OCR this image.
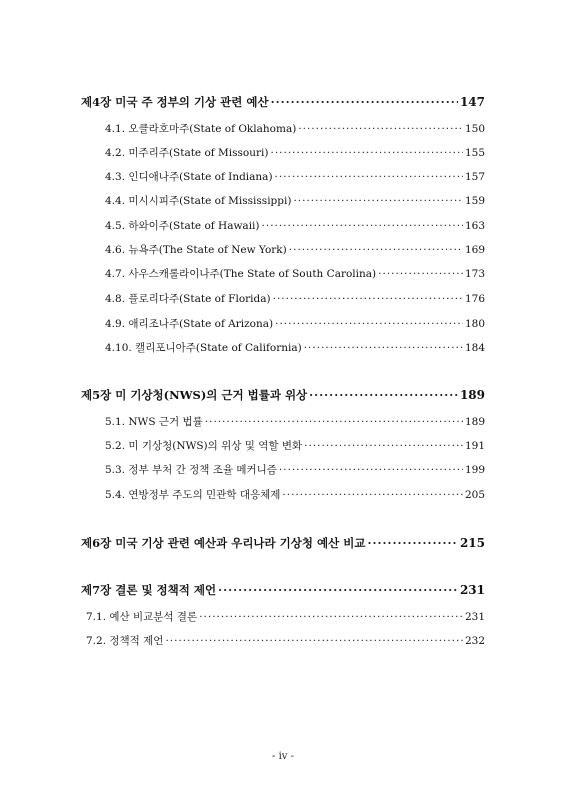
제4장 미국 주 정부의 기상 관련 예산 ·····	147
4.1. 오클라호마주(State of Oklahoma) ·····	150
4.2. 미주리주(State of Missouri) ·····	155
4.3. 인디애나주(State of Indiana) ·····	157
4.4. 미시시피주(State of Mississippi) ·····	159
4.5. 하와이주(State of Hawaii) ·····	163
4.6. 뉴욕주(The State of New York) ·····	169
4.7. 사우스캐롤라이나주(The State of South Carolina) ·····	173
4.8. 플로리다주(State of Florida) ·····	176
4.9. 애리조나주(State of Arizona) ·····	180
4.10. 캘리포니아주(State of California) ·····	184
제5장 미 기상청(NWS)의 근거 법률과 위상 ·····	189
5.1. NWS 근거 법률 ·····	189
5.2. 미 기상청(NWS)의 위상 및 역할 변화 ·····	191
5.3. 정부 부처 간 정책 조율 메커니즘 ·····	199
5.4. 연방정부 주도의 민관학 대응체제 ·····	205
제6장 미국 기상 관련 예산과 우리나라 기상청 예산 비교 ·····	215
제7장 결론 및 정책적 제언 ·····	231
7.1. 예산 비교분석 결론 ·····	231
7.2. 정책적 제언 ·····	232
- iv -
